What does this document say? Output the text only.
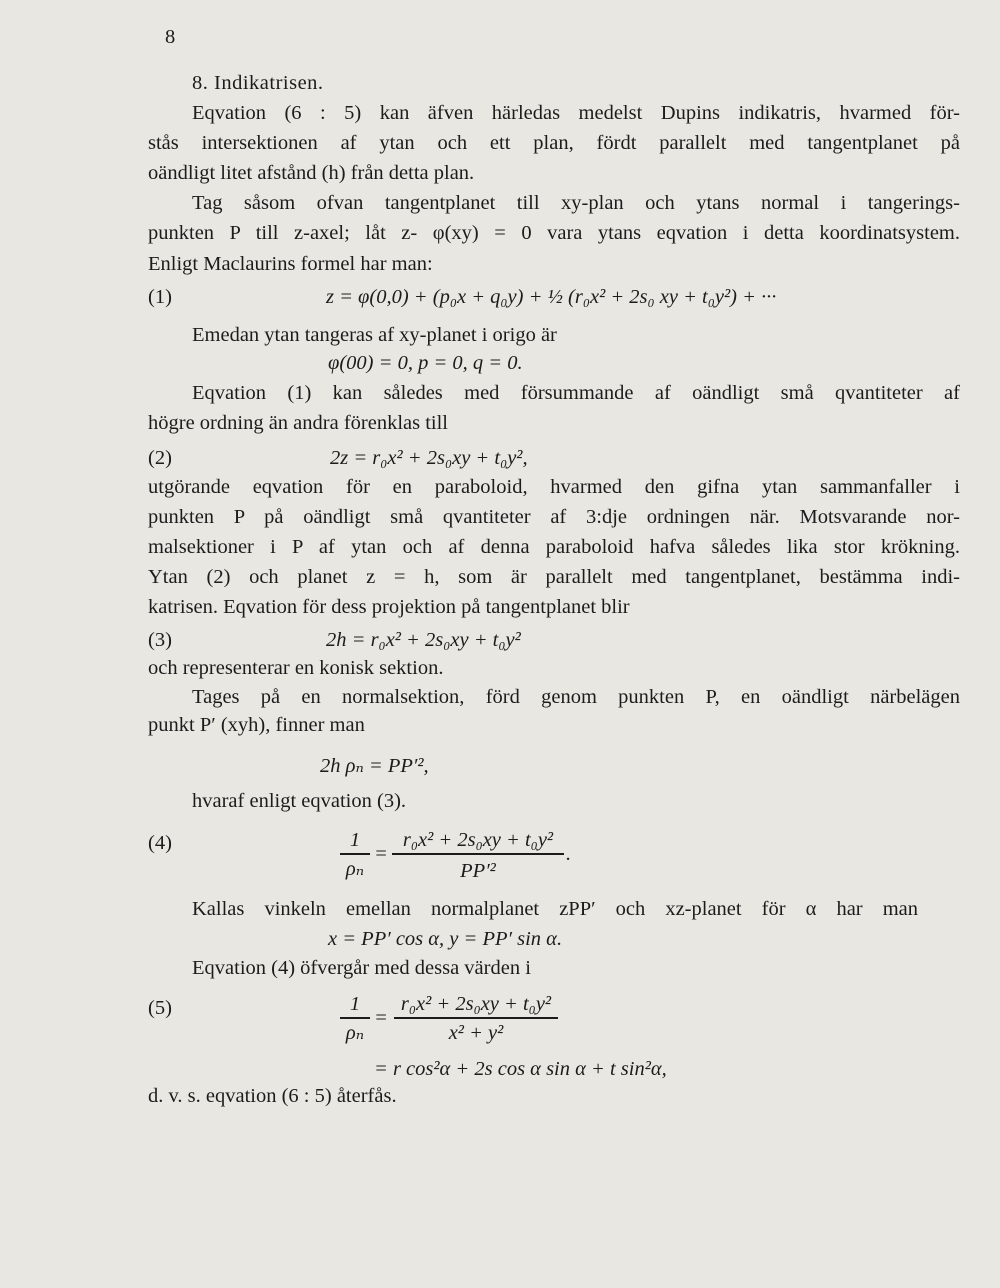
8
8. Indikatrisen.
Eqvation (6 : 5) kan äfven härledas medelst Dupins indikatris, hvarmed för-
stås intersektionen af ytan och ett plan, fördt parallelt med tangentplanet på
oändligt litet afstånd (h) från detta plan.
Tag såsom ofvan tangentplanet till xy-plan och ytans normal i tangerings-
punkten P till z-axel; låt z- φ(xy) = 0 vara ytans eqvation i detta koordinatsystem.
Enligt Maclaurins formel har man:
(1)	z = φ(0,0) + (p₀x + q₀y) + ½ (r₀x² + 2s₀ xy + t₀y²) + ···
Emedan ytan tangeras af xy-planet i origo är
φ(00) = 0, p = 0, q = 0.
Eqvation (1) kan således med försummande af oändligt små qvantiteter af
högre ordning än andra förenklas till
(2)	2z = r₀x² + 2s₀xy + t₀y²,
utgörande eqvation för en paraboloid, hvarmed den gifna ytan sammanfaller i
punkten P på oändligt små qvantiteter af 3:dje ordningen när. Motsvarande nor-
malsektioner i P af ytan och af denna paraboloid hafva således lika stor krökning.
Ytan (2) och planet z = h, som är parallelt med tangentplanet, bestämma indi-
katrisen. Eqvation för dess projektion på tangentplanet blir
(3)	2h = r₀x² + 2s₀xy + t₀y²
och representerar en konisk sektion.
Tages på en normalsektion, förd genom punkten P, en oändligt närbelägen
punkt P′ (xyh), finner man
2h ρₙ = PP′²,
hvaraf enligt eqvation (3).
(4)	1
ρₙ
=
r₀x² + 2s₀xy + t₀y²
PP′²
.
Kallas vinkeln emellan normalplanet zPP′ och xz-planet för α har man
x = PP′ cos α, y = PP′ sin α.
Eqvation (4) öfvergår med dessa värden i
(5)	1
ρₙ
=
r₀x² + 2s₀xy + t₀y²
x² + y²
= r cos²α + 2s cos α sin α + t sin²α,
d. v. s. eqvation (6 : 5) återfås.
